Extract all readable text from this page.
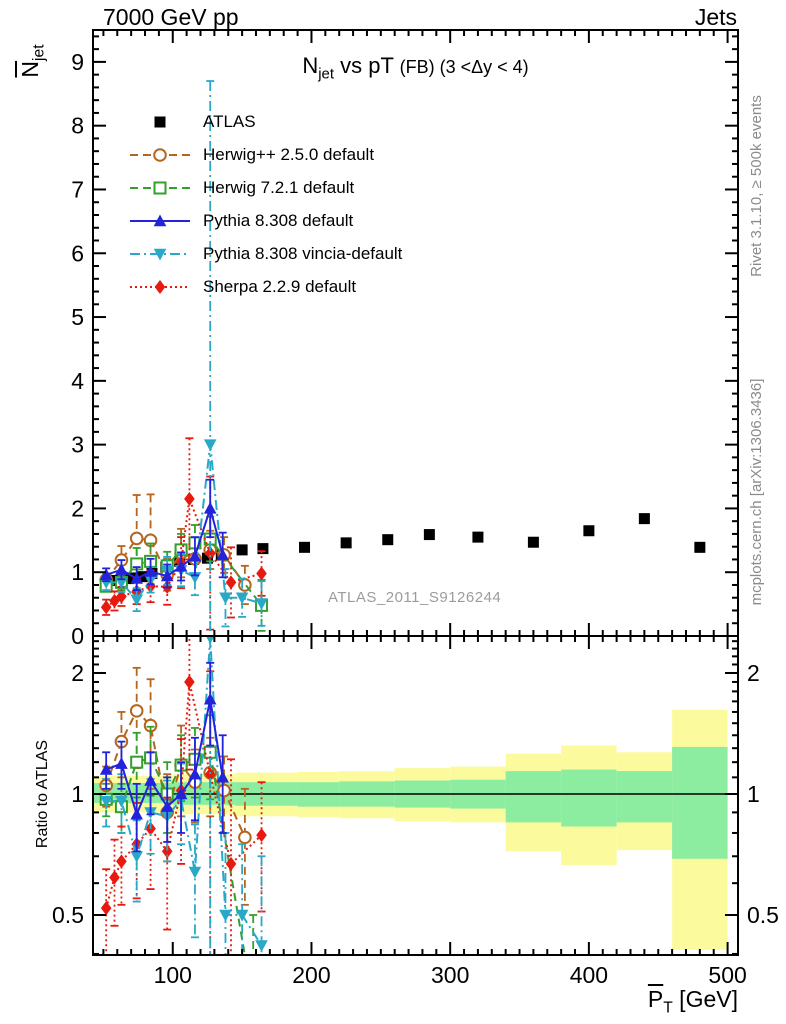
100	200	300	400	500
0
1
2
3
4
5
6
7
8
9
0.5	0.5
1	1
2	2
7000 GeV pp	Jets
$N_{jet}$ vs pT (FB) (3 <Δy < 4)
$\overline{N}_{jet}$
Ratio to ATLAS
$\overline{P}_T$ [GeV]
Rivet 3.1.10, ≥ 500k events
mcplots.cern.ch [arXiv:1306.3436]
ATLAS_2011_S9126244
ATLAS
Herwig++ 2.5.0 default
Herwig 7.2.1 default
Pythia 8.308 default
Pythia 8.308 vincia-default
Sherpa 2.2.9 default
